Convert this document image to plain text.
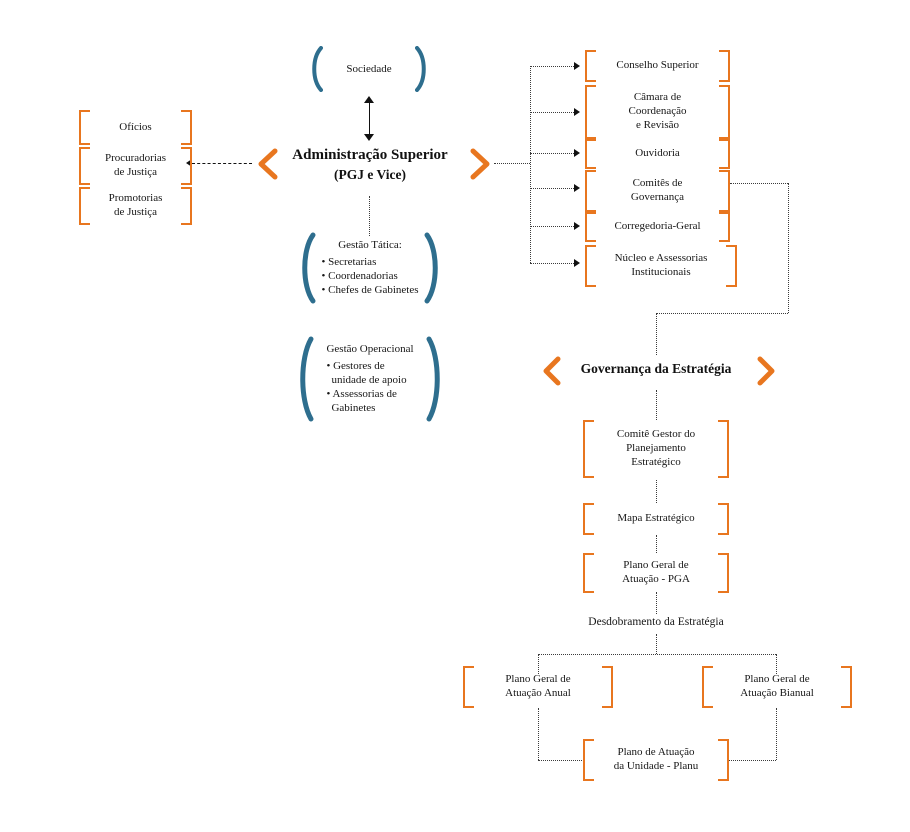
Sociedade
Administração Superior
(PGJ e Vice)
Ofícios
Procuradorias
de Justiça
Promotorias
de Justiça
Conselho Superior
Câmara de
Coordenação
e Revisão
Ouvidoria
Comitês de
Governança
Corregedoria-Geral
Núcleo e Assessorias
Institucionais
Gestão Tática:
• Secretarias
• Coordenadorias
• Chefes de Gabinetes
Gestão Operacional
• Gestores de
unidade de apoio
• Assessorias de
Gabinetes
Governança da Estratégia
Comitê Gestor do
Planejamento
Estratégico
Mapa Estratégico
Plano Geral de
Atuação - PGA
Desdobramento da Estratégia
Plano Geral de
Atuação Anual
Plano Geral de
Atuação Bianual
Plano de Atuação
da Unidade - Planu
